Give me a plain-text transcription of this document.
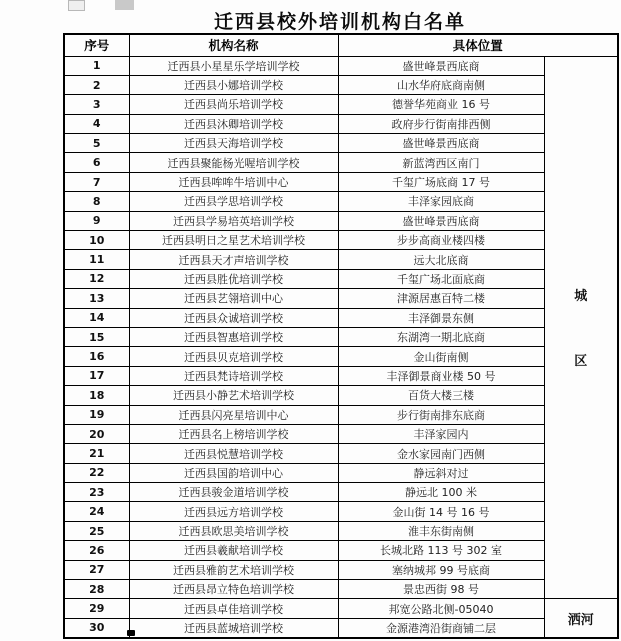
迁西县校外培训机构白名单
序号	机构名称	具体位置	
1	迁西县小星星乐学培训学校	盛世峰景西底商	城
区

2	迁西县小娜培训学校	山水华府底商南侧	
3	迁西县尚乐培训学校	德誉华苑商业 16 号	
4	迁西县沐卿培训学校	政府步行街南排西侧	
5	迁西县天海培训学校	盛世峰景西底商	
6	迁西县聚能杨光喔培训学校	新蓝湾西区南门	
7	迁西县哞哞牛培训中心	千玺广场底商 17 号	
8	迁西县学思培训学校	丰泽家园底商	
9	迁西县学易培英培训学校	盛世峰景西底商	
10	迁西县明日之星艺术培训学校	步步高商业楼四楼	
11	迁西县天才声培训学校	远大北底商	
12	迁西县胜优培训学校	千玺广场北面底商	
13	迁西县艺翎培训中心	津源居惠百特二楼	
14	迁西县众诚培训学校	丰泽御景东侧	
15	迁西县智惠培训学校	东湖湾一期北底商	
16	迁西县贝克培训学校	金山街南侧	
17	迁西县梵诗培训学校	丰泽御景商业楼 50 号	
18	迁西县小静艺术培训学校	百货大楼三楼	
19	迁西县闪亮星培训中心	步行街南排东底商	
20	迁西县名上榜培训学校	丰泽家园内	
21	迁西县悦慧培训学校	金水家园南门西侧	
22	迁西县国韵培训中心	静远斜对过	
23	迁西县骏金道培训学校	静远北 100 米	
24	迁西县远方培训学校	金山街 14 号 16 号	
25	迁西县欧思美培训学校	淮丰东街南侧	
26	迁西县羲献培训学校	长城北路 113 号 302 室	
27	迁西县雅韵艺术培训学校	塞纳城邦 99 号底商	
28	迁西县昂立特色培训学校	景忠西街 98 号	
29	迁西县卓佳培训学校	邦宽公路北侧-05040	洒河
30	迁西县蓝城培训学校	金源港湾沿街商铺二层	
